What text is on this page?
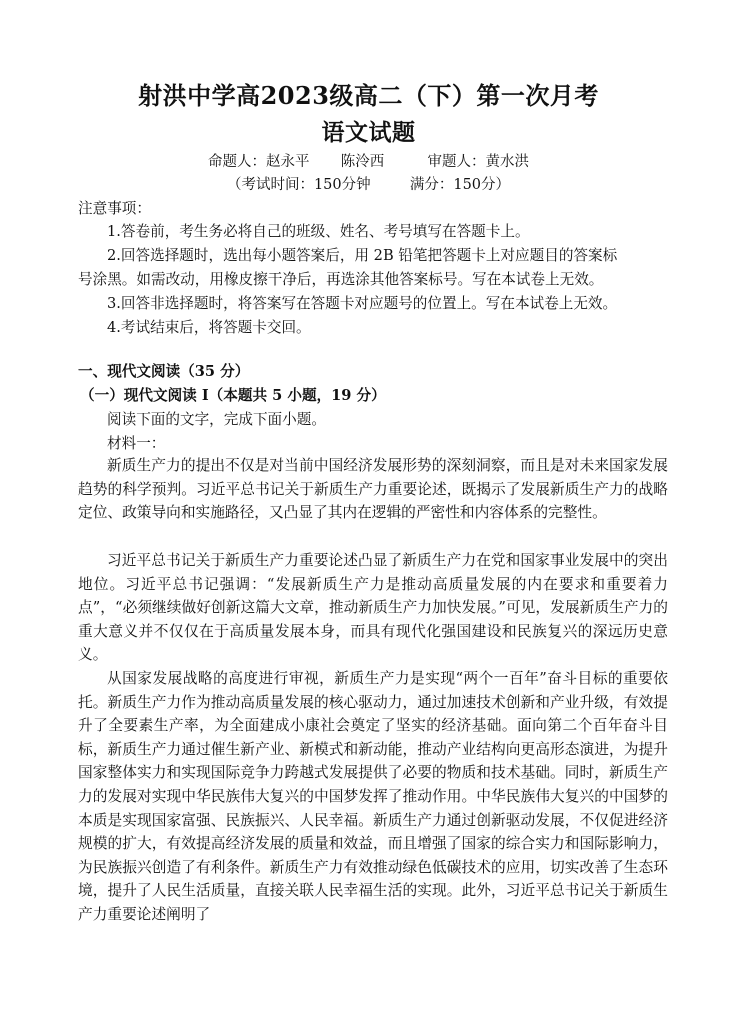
射洪中学高2023级高二（下）第一次月考
语文试题
命题人：赵永平 陈泠西	审题人：黄水洪
（考试时间：150分钟	满分：150分）
注意事项：
1.答卷前，考生务必将自己的班级、姓名、考号填写在答题卡上。
2.回答选择题时，选出每小题答案后，用 2B 铅笔把答题卡上对应题目的答案标
号涂黑。如需改动，用橡皮擦干净后，再选涂其他答案标号。写在本试卷上无效。
3.回答非选择题时，将答案写在答题卡对应题号的位置上。写在本试卷上无效。
4.考试结束后，将答题卡交回。
一、现代文阅读（35 分）
（一）现代文阅读 I（本题共 5 小题，19 分）
阅读下面的文字，完成下面小题。
材料一：
新质生产力的提出不仅是对当前中国经济发展形势的深刻洞察，而且是对未来国家发展趋势的科学预判。习近平总书记关于新质生产力重要论述，既揭示了发展新质生产力的战略定位、政策导向和实施路径，又凸显了其内在逻辑的严密性和内容体系的完整性。
习近平总书记关于新质生产力重要论述凸显了新质生产力在党和国家事业发展中的突出地位。习近平总书记强调：“发展新质生产力是推动高质量发展的内在要求和重要着力点”，“必须继续做好创新这篇大文章，推动新质生产力加快发展。”可见，发展新质生产力的重大意义并不仅仅在于高质量发展本身，而具有现代化强国建设和民族复兴的深远历史意义。
从国家发展战略的高度进行审视，新质生产力是实现“两个一百年”奋斗目标的重要依托。新质生产力作为推动高质量发展的核心驱动力，通过加速技术创新和产业升级，有效提升了全要素生产率，为全面建成小康社会奠定了坚实的经济基础。面向第二个百年奋斗目标，新质生产力通过催生新产业、新模式和新动能，推动产业结构向更高形态演进，为提升国家整体实力和实现国际竞争力跨越式发展提供了必要的物质和技术基础。同时，新质生产力的发展对实现中华民族伟大复兴的中国梦发挥了推动作用。中华民族伟大复兴的中国梦的本质是实现国家富强、民族振兴、人民幸福。新质生产力通过创新驱动发展，不仅促进经济规模的扩大，有效提高经济发展的质量和效益，而且增强了国家的综合实力和国际影响力，为民族振兴创造了有利条件。新质生产力有效推动绿色低碳技术的应用，切实改善了生态环境，提升了人民生活质量，直接关联人民幸福生活的实现。此外，习近平总书记关于新质生产力重要论述阐明了
